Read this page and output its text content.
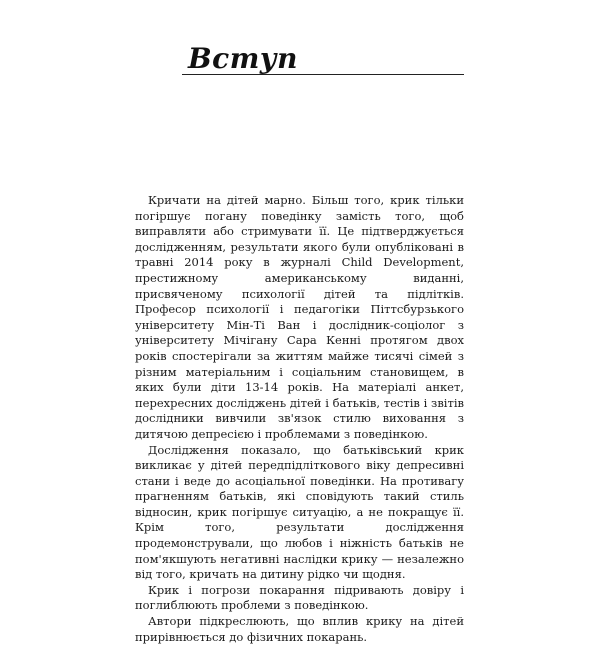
Вступ

Кричати на дітей марно. Більш того, крик тільки погіршує погану поведінку замість того, щоб виправляти або стримувати її. Це підтверджується дослідженням, результати якого були опубліковані в травні 2014 року в журналі Child Development, престижному американському виданні, присвяченому психології дітей та підлітків. Професор психології і педагогіки Піттсбурзького університету Мін-Ті Ван і дослідник-соціолог з університету Мічігану Сара Кенні протягом двох років спостерігали за життям майже тисячі сімей з різним матеріальним і соціальним становищем, в яких були діти 13-14 років. На матеріалі анкет, перехресних досліджень дітей і батьків, тестів і звітів дослідники вивчили зв'язок стилю виховання з дитячою депресією і проблемами з поведінкою.

Дослідження показало, що батьківський крик викликає у дітей передпідліткового віку депресивні стани і веде до асоціальної поведінки. На противагу прагненням батьків, які сповідують такий стиль відносин, крик погіршує ситуацію, а не покращує її. Крім того, результати дослідження продемонстрували, що любов і ніжність батьків не пом'якшують негативні наслідки крику — незалежно від того, кричать на дитину рідко чи щодня.

Крик і погрози покарання підривають довіру і поглиблюють проблеми з поведінкою.

Автори підкреслюють, що вплив крику на дітей прирівнюється до фізичних покарань.
